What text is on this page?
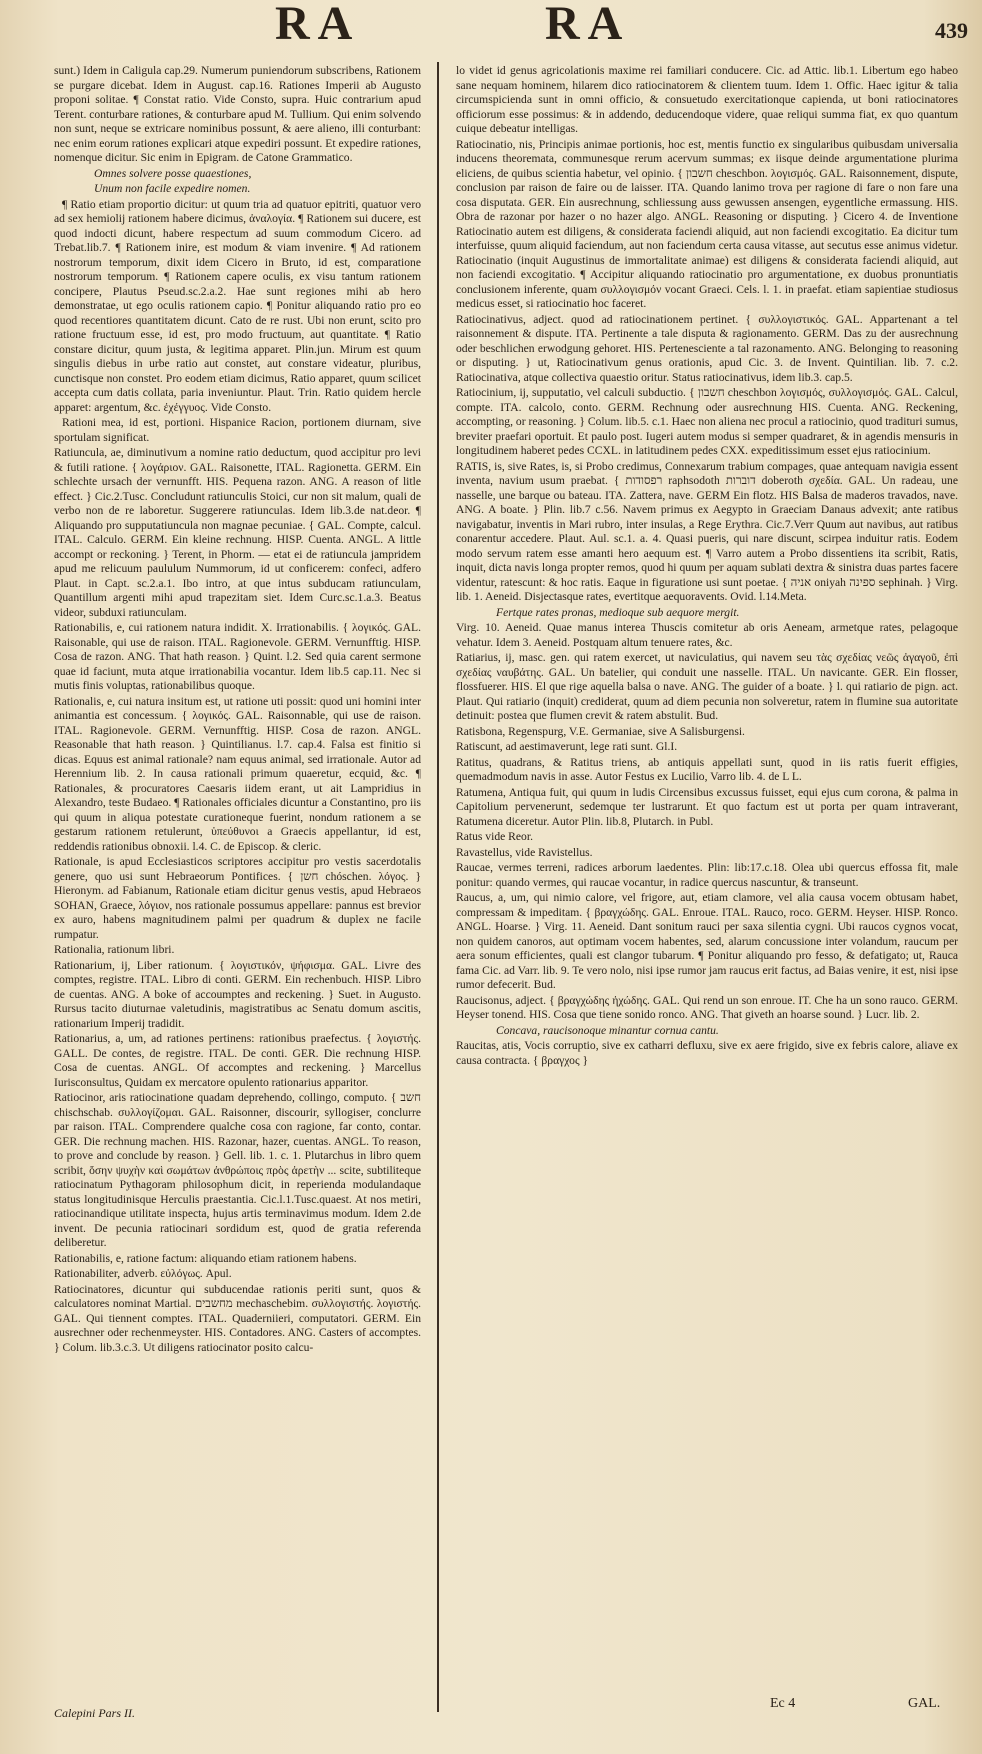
RA	RA	439

sunt.) Idem in Caligula cap.29. Numerum puniendorum subscribens, Rationem se purgare dicebat. Idem in August. cap.16. Rationes Imperii ab Augusto proponi solitae. ¶ Constat ratio. Vide Consto, supra. Huic contrarium apud Terent. conturbare rationes, & conturbare apud M. Tullium. Qui enim solvendo non sunt, neque se extricare nominibus possunt, & aere alieno, illi conturbant: nec enim eorum rationes explicari atque expediri possunt. Et expedire rationes, nomenque dicitur. Sic enim in Epigram. de Catone Grammatico.

Omnes solvere posse quaestiones,

Unum non facile expedire nomen.

¶ Ratio etiam proportio dicitur: ut quum tria ad quatuor epitriti, quatuor vero ad sex hemiolij rationem habere dicimus, ἀναλογία. ¶ Rationem sui ducere, est quod indocti dicunt, habere respectum ad suum commodum Cicero. ad Trebat.lib.7. ¶ Rationem inire, est modum & viam invenire. ¶ Ad rationem nostrorum temporum, dixit idem Cicero in Bruto, id est, comparatione nostrorum temporum. ¶ Rationem capere oculis, ex visu tantum rationem concipere, Plautus Pseud.sc.2.a.2. Hae sunt regiones mihi ab hero demonstratae, ut ego oculis rationem capio. ¶ Ponitur aliquando ratio pro eo quod recentiores quantitatem dicunt. Cato de re rust. Ubi non erunt, scito pro ratione fructuum esse, id est, pro modo fructuum, aut quantitate. ¶ Ratio constare dicitur, quum justa, & legitima apparet. Plin.jun. Mirum est quum singulis diebus in urbe ratio aut constet, aut constare videatur, pluribus, cunctisque non constet. Pro eodem etiam dicimus, Ratio apparet, quum scilicet accepta cum datis collata, paria inveniuntur. Plaut. Trin. Ratio quidem hercle apparet: argentum, &c. ἐχέγγυος. Vide Consto.

Rationi mea, id est, portioni. Hispanice Racion, portionem diurnam, sive sportulam significat.

Ratiuncula, ae, diminutivum a nomine ratio deductum, quod accipitur pro levi & futili ratione. { λογάριον. GAL. Raisonette, ITAL. Ragionetta. GERM. Ein schlechte ursach der vernunfft. HIS. Pequena razon. ANG. A reason of litle effect. } Cic.2.Tusc. Concludunt ratiunculis Stoici, cur non sit malum, quali de verbo non de re laboretur. Suggerere ratiunculas. Idem lib.3.de nat.deor. ¶ Aliquando pro supputatiuncula non magnae pecuniae. { GAL. Compte, calcul. ITAL. Calculo. GERM. Ein kleine rechnung. HISP. Cuenta. ANGL. A little accompt or reckoning. } Terent, in Phorm. — etat ei de ratiuncula jampridem apud me relicuum paululum Nummorum, id ut conficerem: confeci, adfero Plaut. in Capt. sc.2.a.1. Ibo intro, at que intus subducam ratiunculam, Quantillum argenti mihi apud trapezitam siet. Idem Curc.sc.1.a.3. Beatus videor, subduxi ratiunculam.

Rationabilis, e, cui rationem natura indidit. X. Irrationabilis. { λογικός. GAL. Raisonable, qui use de raison. ITAL. Ragionevole. GERM. Vernunfftig. HISP. Cosa de razon. ANG. That hath reason. } Quint. l.2. Sed quia carent sermone quae id faciunt, muta atque irrationabilia vocantur. Idem lib.5 cap.11. Nec si mutis finis voluptas, rationabilibus quoque.

Rationalis, e, cui natura insitum est, ut ratione uti possit: quod uni homini inter animantia est concessum. { λογικός. GAL. Raisonnable, qui use de raison. ITAL. Ragionevole. GERM. Vernunfftig. HISP. Cosa de razon. ANGL. Reasonable that hath reason. } Quintilianus. l.7. cap.4. Falsa est finitio si dicas. Equus est animal rationale? nam equus animal, sed irrationale. Autor ad Herennium lib. 2. In causa rationali primum quaeretur, ecquid, &c. ¶ Rationales, & procuratores Caesaris iidem erant, ut ait Lampridius in Alexandro, teste Budaeo. ¶ Rationales officiales dicuntur a Constantino, pro iis qui quum in aliqua potestate curationeque fuerint, nondum rationem a se gestarum rationem retulerunt, ὑπεύθυνοι a Graecis appellantur, id est, reddendis rationibus obnoxii. l.4. C. de Episcop. & cleric.

Rationale, is apud Ecclesiasticos scriptores accipitur pro vestis sacerdotalis genere, quo usi sunt Hebraeorum Pontifices. { חשן chóschen. λόγος. } Hieronym. ad Fabianum, Rationale etiam dicitur genus vestis, apud Hebraeos SOHAN, Graece, λόγιον, nos rationale possumus appellare: pannus est brevior ex auro, habens magnitudinem palmi per quadrum & duplex ne facile rumpatur.

Rationalia, rationum libri.

Rationarium, ij, Liber rationum. { λογιστικόν, ψήφισμα. GAL. Livre des comptes, registre. ITAL. Libro di conti. GERM. Ein rechenbuch. HISP. Libro de cuentas. ANG. A boke of accoumptes and reckening. } Suet. in Augusto. Rursus tacito diuturnae valetudinis, magistratibus ac Senatu domum ascitis, rationarium Imperij tradidit.

Rationarius, a, um, ad rationes pertinens: rationibus praefectus. { λογιστής. GALL. De contes, de registre. ITAL. De conti. GER. Die rechnung HISP. Cosa de cuentas. ANGL. Of accomptes and reckening. } Marcellus Iurisconsultus, Quidam ex mercatore opulento rationarius apparitor.

Ratiocinor, aris ratiocinatione quadam deprehendo, collingo, computo. { חשב chischschab. συλλογίζομαι. GAL. Raisonner, discourir, syllogiser, conclurre par raison. ITAL. Comprendere qualche cosa con ragione, far conto, contar. GER. Die rechnung machen. HIS. Razonar, hazer, cuentas. ANGL. To reason, to prove and conclude by reason. } Gell. lib. 1. c. 1. Plutarchus in libro quem scribit, ὅσην ψυχὴν καὶ σωμάτων ἀνθρώποις πρὸς ἀρετὴν ... scite, subtiliteque ratiocinatum Pythagoram philosophum dicit, in reperienda modulandaque status longitudinisque Herculis praestantia. Cic.l.1.Tusc.quaest. At nos metiri, ratiocinandique utilitate inspecta, hujus artis terminavimus modum. Idem 2.de invent. De pecunia ratiocinari sordidum est, quod de gratia referenda deliberetur.

Rationabilis, e, ratione factum: aliquando etiam rationem habens.

Rationabiliter, adverb. εὐλόγως. Apul.

Ratiocinatores, dicuntur qui subducendae rationis periti sunt, quos & calculatores nominat Martial. מחשבים mechaschebim. συλλογιστής. λογιστής. GAL. Qui tiennent comptes. ITAL. Quaderniieri, computatori. GERM. Ein ausrechner oder rechenmeyster. HIS. Contadores. ANG. Casters of accomptes. } Colum. lib.3.c.3. Ut diligens ratiocinator posito calcu-

lo videt id genus agricolationis maxime rei familiari conducere. Cic. ad Attic. lib.1. Libertum ego habeo sane nequam hominem, hilarem dico ratiocinatorem & clientem tuum. Idem 1. Offic. Haec igitur & talia circumspicienda sunt in omni officio, & consuetudo exercitationque capienda, ut boni ratiocinatores officiorum esse possimus: & in addendo, deducendoque videre, quae reliqui summa fiat, ex quo quantum cuique debeatur intelligas.

Ratiocinatio, nis, Principis animae portionis, hoc est, mentis functio ex singularibus quibusdam universalia inducens theoremata, communesque rerum acervum summas; ex iisque deinde argumentatione plurima eliciens, de quibus scientia habetur, vel opinio. { חשבון cheschbon. λογισμός. GAL. Raisonnement, dispute, conclusion par raison de faire ou de laisser. ITA. Quando lanimo trova per ragione di fare o non fare una cosa disputata. GER. Ein ausrechnung, schliessung auss gewussen ansengen, eygentliche ermassung. HIS. Obra de razonar por hazer o no hazer algo. ANGL. Reasoning or disputing. } Cicero 4. de Inventione Ratiocinatio autem est diligens, & considerata faciendi aliquid, aut non faciendi excogitatio. Ea dicitur tum interfuisse, quum aliquid faciendum, aut non faciendum certa causa vitasse, aut secutus esse animus videtur. Ratiocinatio (inquit Augustinus de immortalitate animae) est diligens & considerata faciendi aliquid, aut non faciendi excogitatio. ¶ Accipitur aliquando ratiocinatio pro argumentatione, ex duobus pronuntiatis conclusionem inferente, quam συλλογισμόν vocant Graeci. Cels. l. 1. in praefat. etiam sapientiae studiosus medicus esset, si ratiocinatio hoc faceret.

Ratiocinativus, adject. quod ad ratiocinationem pertinet. { συλλογιστικός. GAL. Appartenant a tel raisonnement & dispute. ITA. Pertinente a tale disputa & ragionamento. GERM. Das zu der ausrechnung oder beschlichen erwodgung gehoret. HIS. Pertenesciente a tal razonamento. ANG. Belonging to reasoning or disputing. } ut, Ratiocinativum genus orationis, apud Cic. 3. de Invent. Quintilian. lib. 7. c.2. Ratiocinativa, atque collectiva quaestio oritur. Status ratiocinativus, idem lib.3. cap.5.

Ratiocinium, ij, supputatio, vel calculi subductio. { חשבון cheschbon λογισμός, συλλογισμός. GAL. Calcul, compte. ITA. calcolo, conto. GERM. Rechnung oder ausrechnung HIS. Cuenta. ANG. Reckening, accompting, or reasoning. } Colum. lib.5. c.1. Haec non aliena nec procul a ratiocinio, quod tradituri sumus, breviter praefari oportuit. Et paulo post. Iugeri autem modus si semper quadraret, & in agendis mensuris in longitudinem haberet pedes CCXL. in latitudinem pedes CXX. expeditissimum esset ejus ratiocinium.

RATIS, is, sive Rates, is, si Probo credimus, Connexarum trabium compages, quae antequam navigia essent inventa, navium usum praebat. { רפסודות raphsodoth דוברות doberoth σχεδία. GAL. Un radeau, une nasselle, une barque ou bateau. ITA. Zattera, nave. GERM Ein flotz. HIS Balsa de maderos travados, nave. ANG. A boate. } Plin. lib.7 c.56. Navem primus ex Aegypto in Graeciam Danaus advexit; ante ratibus navigabatur, inventis in Mari rubro, inter insulas, a Rege Erythra. Cic.7.Verr Quum aut navibus, aut ratibus conarentur accedere. Plaut. Aul. sc.1. a. 4. Quasi pueris, qui nare discunt, scirpea induitur ratis. Eodem modo servum ratem esse amanti hero aequum est. ¶ Varro autem a Probo dissentiens ita scribit, Ratis, inquit, dicta navis longa propter remos, quod hi quum per aquam sublati dextra & sinistra duas partes facere videntur, ratescunt: & hoc ratis. Eaque in figuratione usi sunt poetae. { אניה oniyah ספינה sephinah. } Virg. lib. 1. Aeneid. Disjectasque rates, evertitque aequoravents. Ovid. l.14.Meta.

Fertque rates pronas, medioque sub aequore mergit.

Virg. 10. Aeneid. Quae manus interea Thuscis comitetur ab oris Aeneam, armetque rates, pelagoque vehatur. Idem 3. Aeneid. Postquam altum tenuere rates, &c.

Ratiarius, ij, masc. gen. qui ratem exercet, ut naviculatius, qui navem seu τὰς σχεδίας νεῶς ἀγαγοῦ, ἐπὶ σχεδίας ναυβάτης. GAL. Un batelier, qui conduit une nasselle. ITAL. Un navicante. GER. Ein flosser, flossfuerer. HIS. El que rige aquella balsa o nave. ANG. The guider of a boate. } l. qui ratiario de pign. act. Plaut. Qui ratiario (inquit) crediderat, quum ad diem pecunia non solveretur, ratem in flumine sua autoritate detinuit: postea que flumen crevit & ratem abstulit. Bud.

Ratisbona, Regenspurg, V.E. Germaniae, sive A Salisburgensi.

Ratiscunt, ad aestimaverunt, lege rati sunt. Gl.I.

Ratitus, quadrans, & Ratitus triens, ab antiquis appellati sunt, quod in iis ratis fuerit effigies, quemadmodum navis in asse. Autor Festus ex Lucilio, Varro lib. 4. de L L.

Ratumena, Antiqua fuit, qui quum in ludis Circensibus excussus fuisset, equi ejus cum corona, & palma in Capitolium pervenerunt, sedemque ter lustrarunt. Et quo factum est ut porta per quam intraverant, Ratumena diceretur. Autor Plin. lib.8, Plutarch. in Publ.

Ratus vide Reor.

Ravastellus, vide Ravistellus.

Raucae, vermes terreni, radices arborum laedentes. Plin: lib:17.c.18. Olea ubi quercus effossa fit, male ponitur: quando vermes, qui raucae vocantur, in radice quercus nascuntur, & transeunt.

Raucus, a, um, qui nimio calore, vel frigore, aut, etiam clamore, vel alia causa vocem obtusam habet, compressam & impeditam. { βραγχώδης. GAL. Enroue. ITAL. Rauco, roco. GERM. Heyser. HISP. Ronco. ANGL. Hoarse. } Virg. 11. Aeneid. Dant sonitum rauci per saxa silentia cygni. Ubi raucos cygnos vocat, non quidem canoros, aut optimam vocem habentes, sed, alarum concussione inter volandum, raucum per aera sonum efficientes, quali est clangor tubarum. ¶ Ponitur aliquando pro fesso, & defatigato; ut, Rauca fama Cic. ad Varr. lib. 9. Te vero nolo, nisi ipse rumor jam raucus erit factus, ad Baias venire, it est, nisi ipse rumor defecerit. Bud.

Raucisonus, adject. { βραγχώδης ἠχώδης. GAL. Qui rend un son enroue. IT. Che ha un sono rauco. GERM. Heyser tonend. HIS. Cosa que tiene sonido ronco. ANG. That giveth an hoarse sound. } Lucr. lib. 2.

Concava, raucisonoque minantur cornua cantu.

Raucitas, atis, Vocis corruptio, sive ex catharri defluxu, sive ex aere frigido, sive ex febris calore, aliave ex causa contracta. { βραγχος }

Calepini Pars II.
Ec 4	GAL.
